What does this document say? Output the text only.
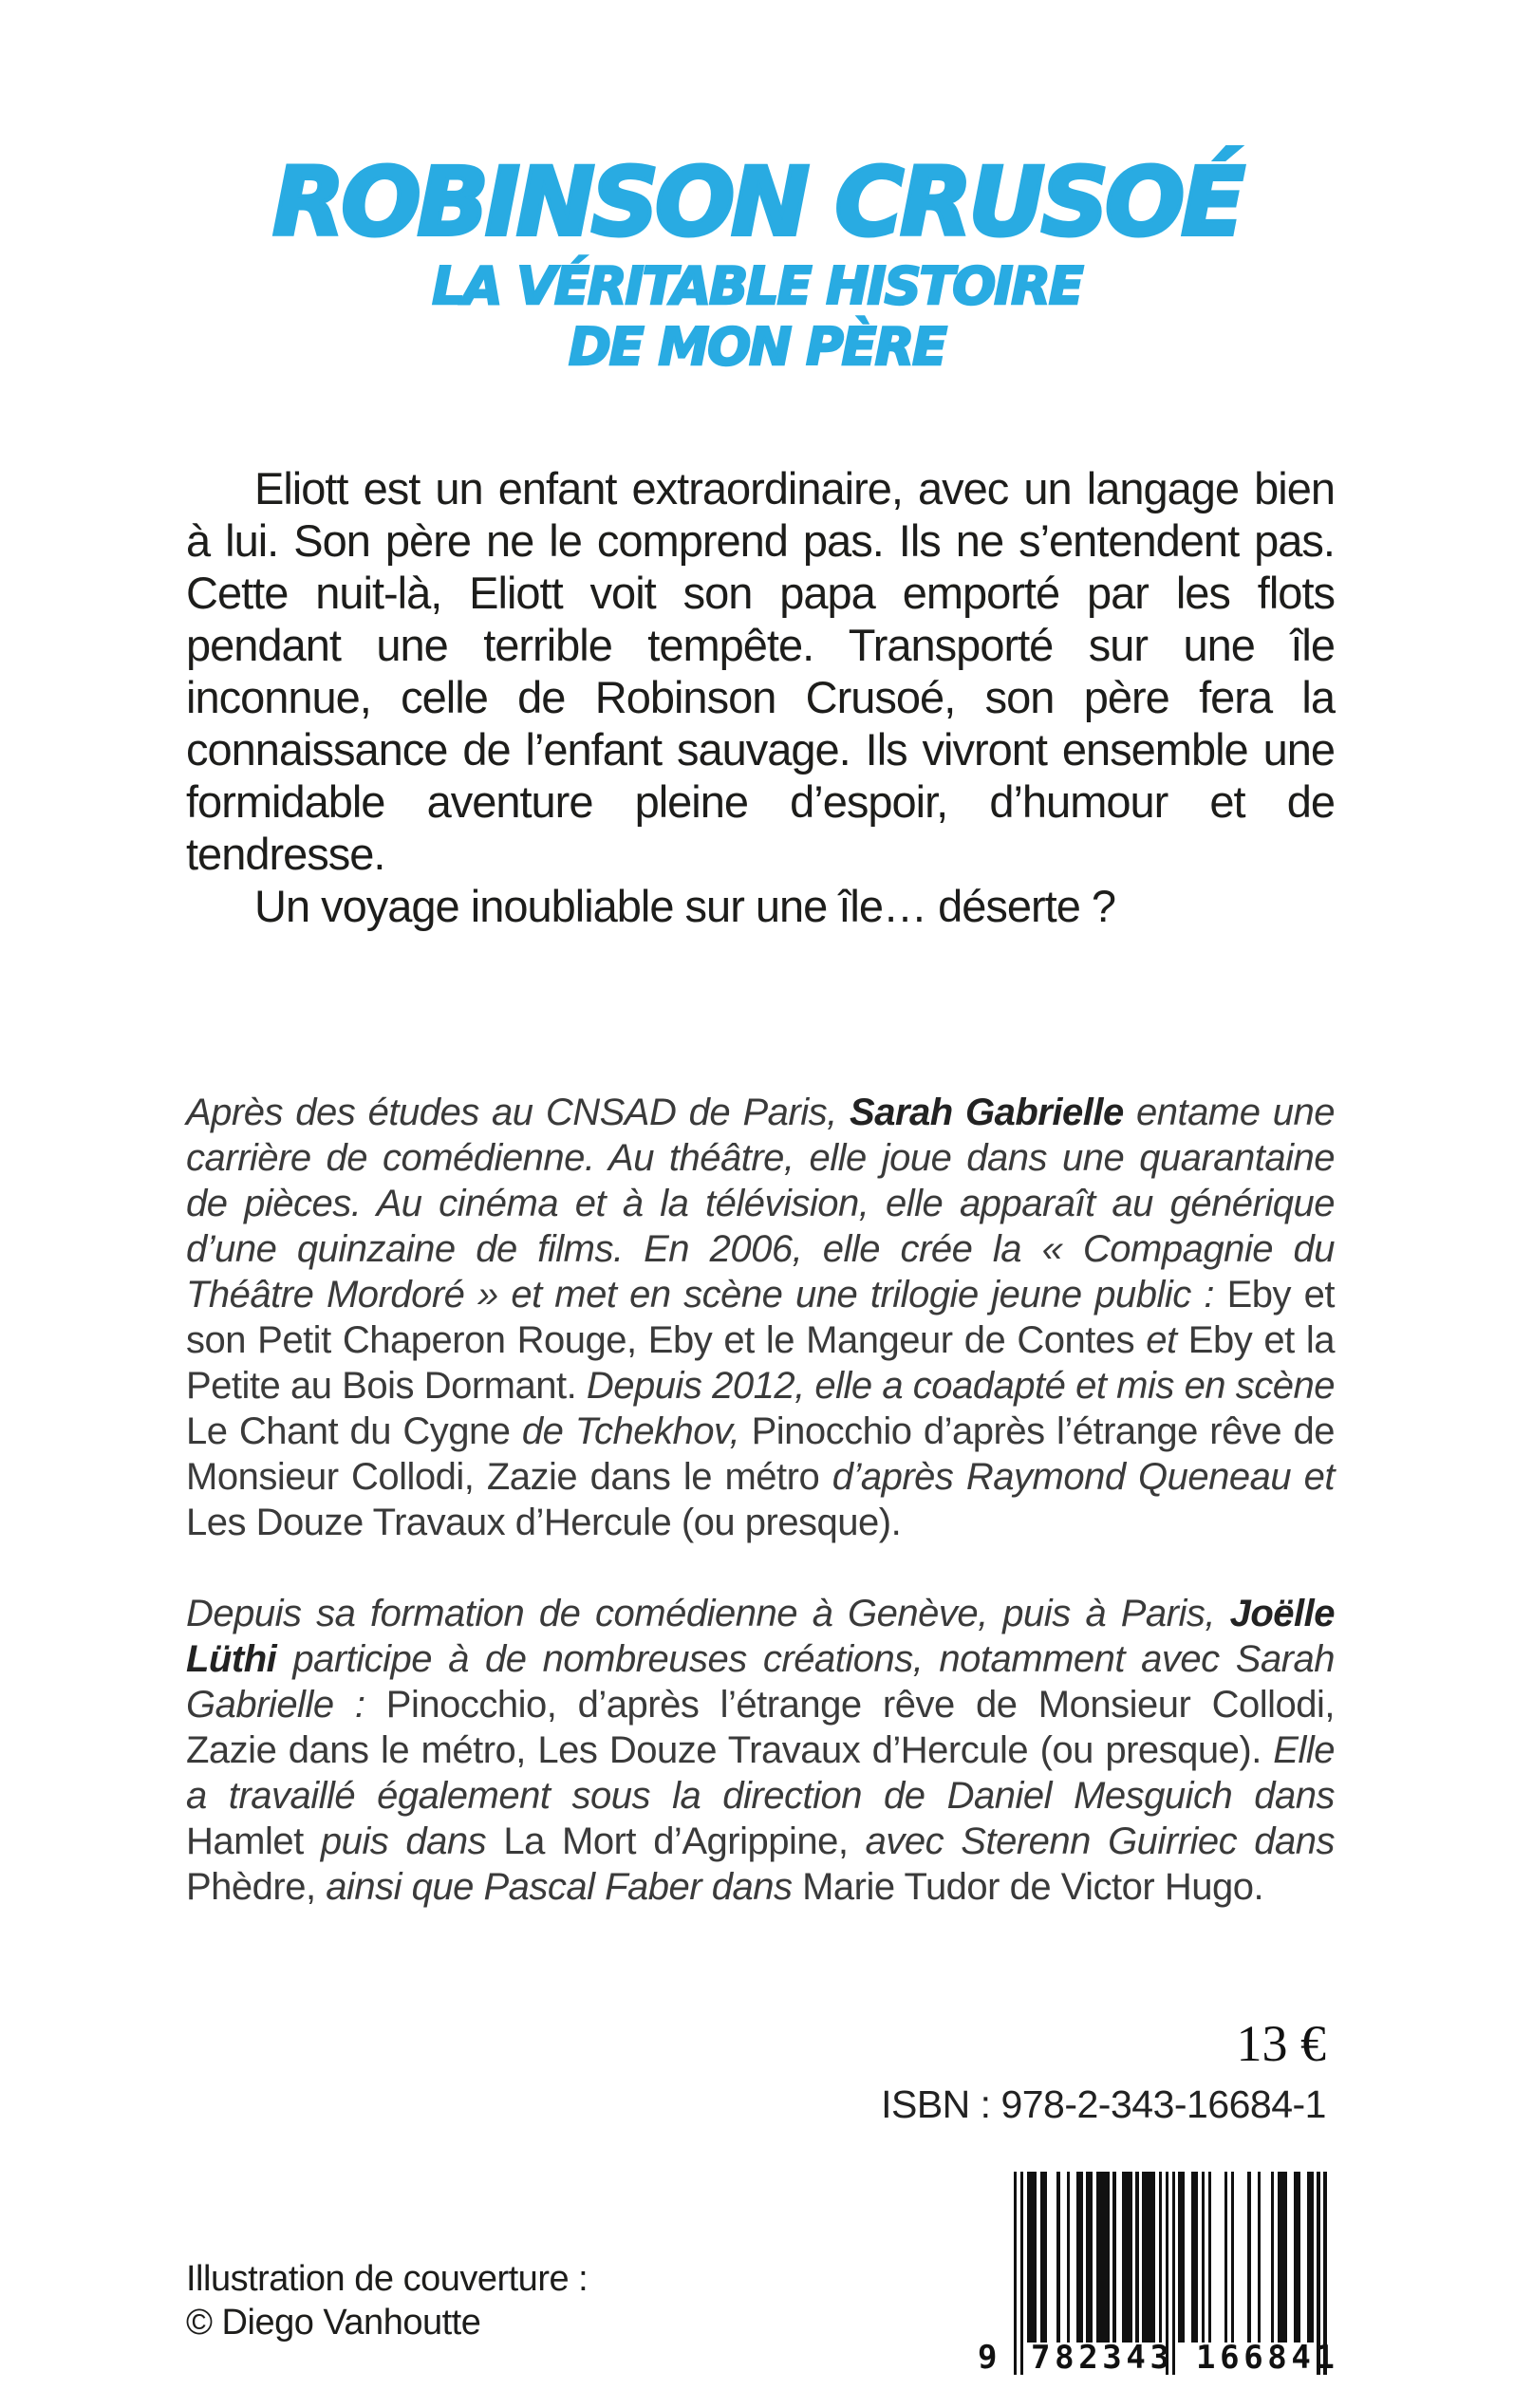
ROBINSON CRUSOÉ
LA VÉRITABLE HISTOIRE
DE MON PÈRE

Eliott est un enfant extraordinaire, avec un langage bien à lui. Son père ne le comprend pas. Ils ne s’entendent pas. Cette nuit-là, Eliott voit son papa emporté par les flots pendant une terrible tempête. Transporté sur une île inconnue, celle de Robinson Crusoé, son père fera la connaissance de l’enfant sauvage. Ils vivront ensemble une formidable aventure pleine d’espoir, d’humour et de tendresse.

Un voyage inoubliable sur une île… déserte ?

Après des études au CNSAD de Paris, Sarah Gabrielle entame une carrière de comédienne. Au théâtre, elle joue dans une quarantaine de pièces. Au cinéma et à la télévision, elle apparaît au générique d’une quinzaine de films. En 2006, elle crée la « Compagnie du Théâtre Mordoré » et met en scène une trilogie jeune public : Eby et son Petit Chaperon Rouge, Eby et le Mangeur de Contes et Eby et la Petite au Bois Dormant. Depuis 2012, elle a coadapté et mis en scène Le Chant du Cygne de Tchekhov, Pinocchio d’après l’étrange rêve de Monsieur Collodi, Zazie dans le métro d’après Raymond Queneau et Les Douze Travaux d’Hercule (ou presque).

Depuis sa formation de comédienne à Genève, puis à Paris, Joëlle Lüthi participe à de nombreuses créations, notamment avec Sarah Gabrielle : Pinocchio, d’après l’étrange rêve de Monsieur Collodi, Zazie dans le métro, Les Douze Travaux d’Hercule (ou presque). Elle a travaillé également sous la direction de Daniel Mesguich dans Hamlet puis dans La Mort d’Agrippine, avec Sterenn Guirriec dans Phèdre, ainsi que Pascal Faber dans Marie Tudor de Victor Hugo.

13 €
ISBN : 978-2-343-16684-1
9 7 8 2 3 4 3 1 6 6 8 4 1
Illustration de couverture :
© Diego Vanhoutte
